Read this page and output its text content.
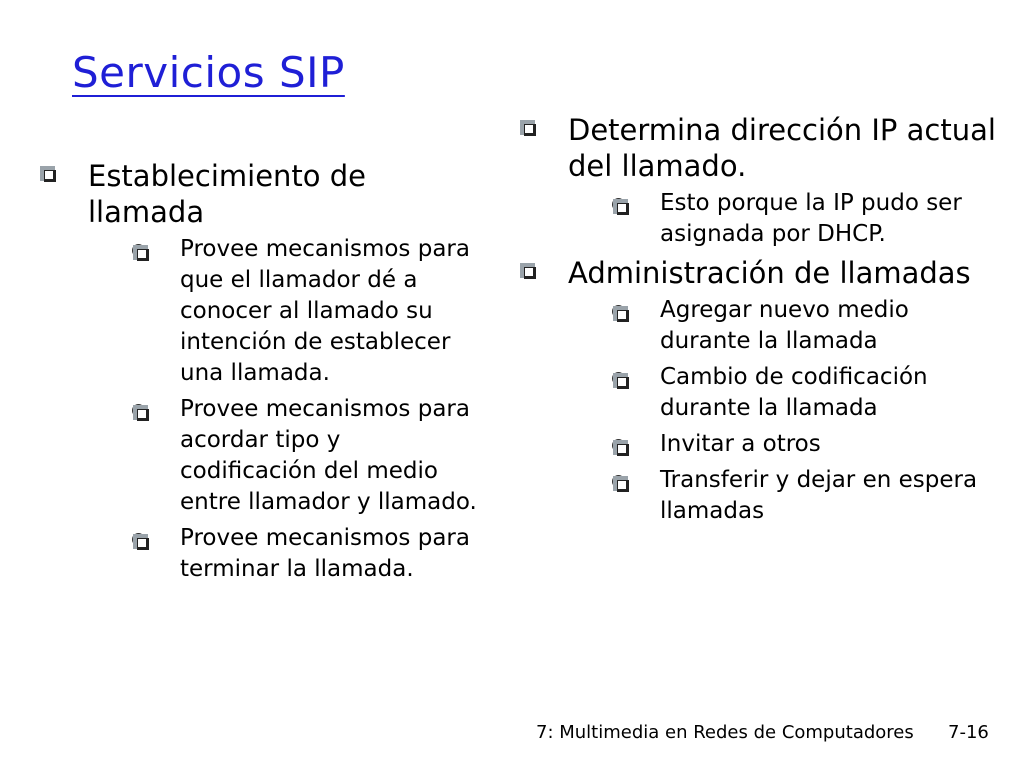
Servicios SIP
Establecimiento de llamada
Provee mecanismos para que el llamador dé a conocer al llamado su intención de establecer una llamada.
Provee mecanismos para acordar tipo y codificación del medio entre llamador y llamado.
Provee mecanismos para terminar la llamada.
Determina dirección IP actual del llamado.
Esto porque la IP pudo ser asignada por DHCP.
Administración de llamadas
Agregar nuevo medio durante la llamada
Cambio de codificación durante la llamada
Invitar a otros
Transferir y dejar en espera llamadas
7: Multimedia en Redes de Computadores 7-16
